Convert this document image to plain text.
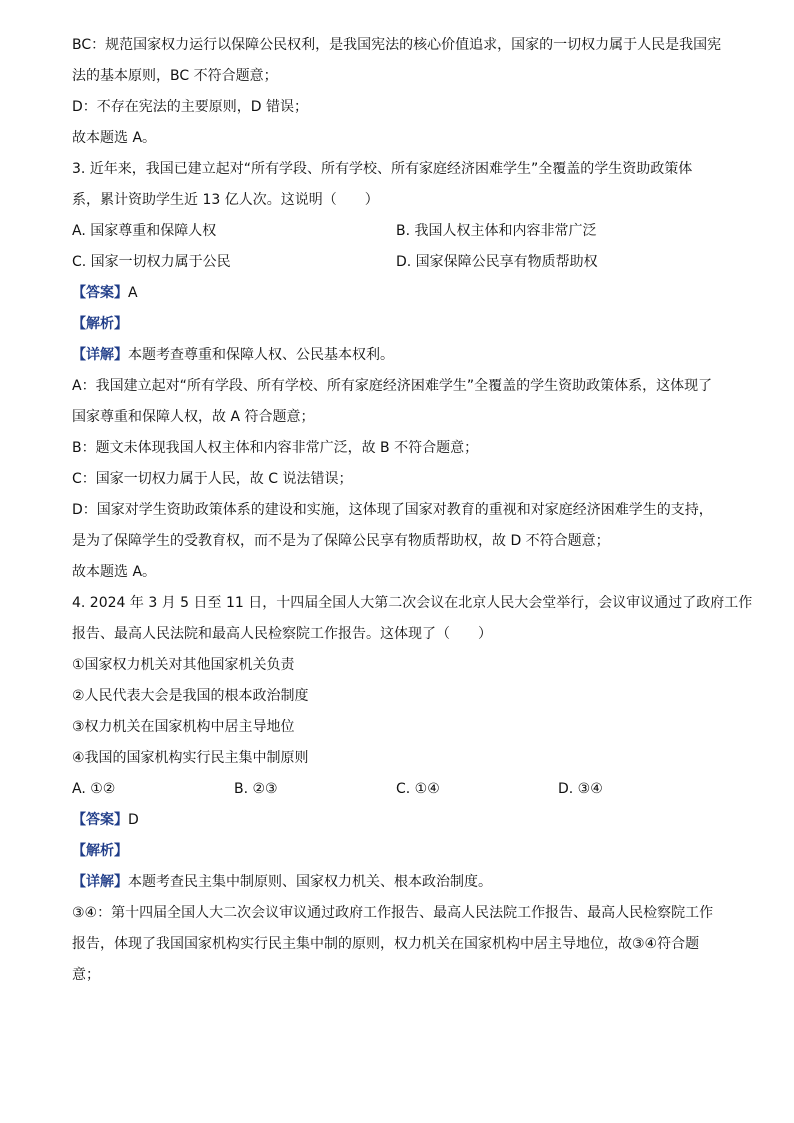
BC：规范国家权力运行以保障公民权利，是我国宪法的核心价值追求，国家的一切权力属于人民是我国宪
法的基本原则，BC 不符合题意；
D：不存在宪法的主要原则，D 错误；
故本题选 A。
3. 近年来，我国已建立起对“所有学段、所有学校、所有家庭经济困难学生”全覆盖的学生资助政策体
系，累计资助学生近 13 亿人次。这说明（　　）
A. 国家尊重和保障人权	B. 我国人权主体和内容非常广泛
C. 国家一切权力属于公民	D. 国家保障公民享有物质帮助权
【答案】A
【解析】
【详解】本题考查尊重和保障人权、公民基本权利。
A：我国建立起对“所有学段、所有学校、所有家庭经济困难学生”全覆盖的学生资助政策体系，这体现了
国家尊重和保障人权，故 A 符合题意；
B：题文未体现我国人权主体和内容非常广泛，故 B 不符合题意；
C：国家一切权力属于人民，故 C 说法错误；
D：国家对学生资助政策体系的建设和实施，这体现了国家对教育的重视和对家庭经济困难学生的支持，
是为了保障学生的受教育权，而不是为了保障公民享有物质帮助权，故 D 不符合题意；
故本题选 A。
4. 2024 年 3 月 5 日至 11 日，十四届全国人大第二次会议在北京人民大会堂举行，会议审议通过了政府工作
报告、最高人民法院和最高人民检察院工作报告。这体现了（　　）
①国家权力机关对其他国家机关负责
②人民代表大会是我国的根本政治制度
③权力机关在国家机构中居主导地位
④我国的国家机构实行民主集中制原则
A. ①②	B. ②③	C. ①④	D. ③④
【答案】D
【解析】
【详解】本题考查民主集中制原则、国家权力机关、根本政治制度。
③④：第十四届全国人大二次会议审议通过政府工作报告、最高人民法院工作报告、最高人民检察院工作
报告，体现了我国国家机构实行民主集中制的原则，权力机关在国家机构中居主导地位，故③④符合题
意；
